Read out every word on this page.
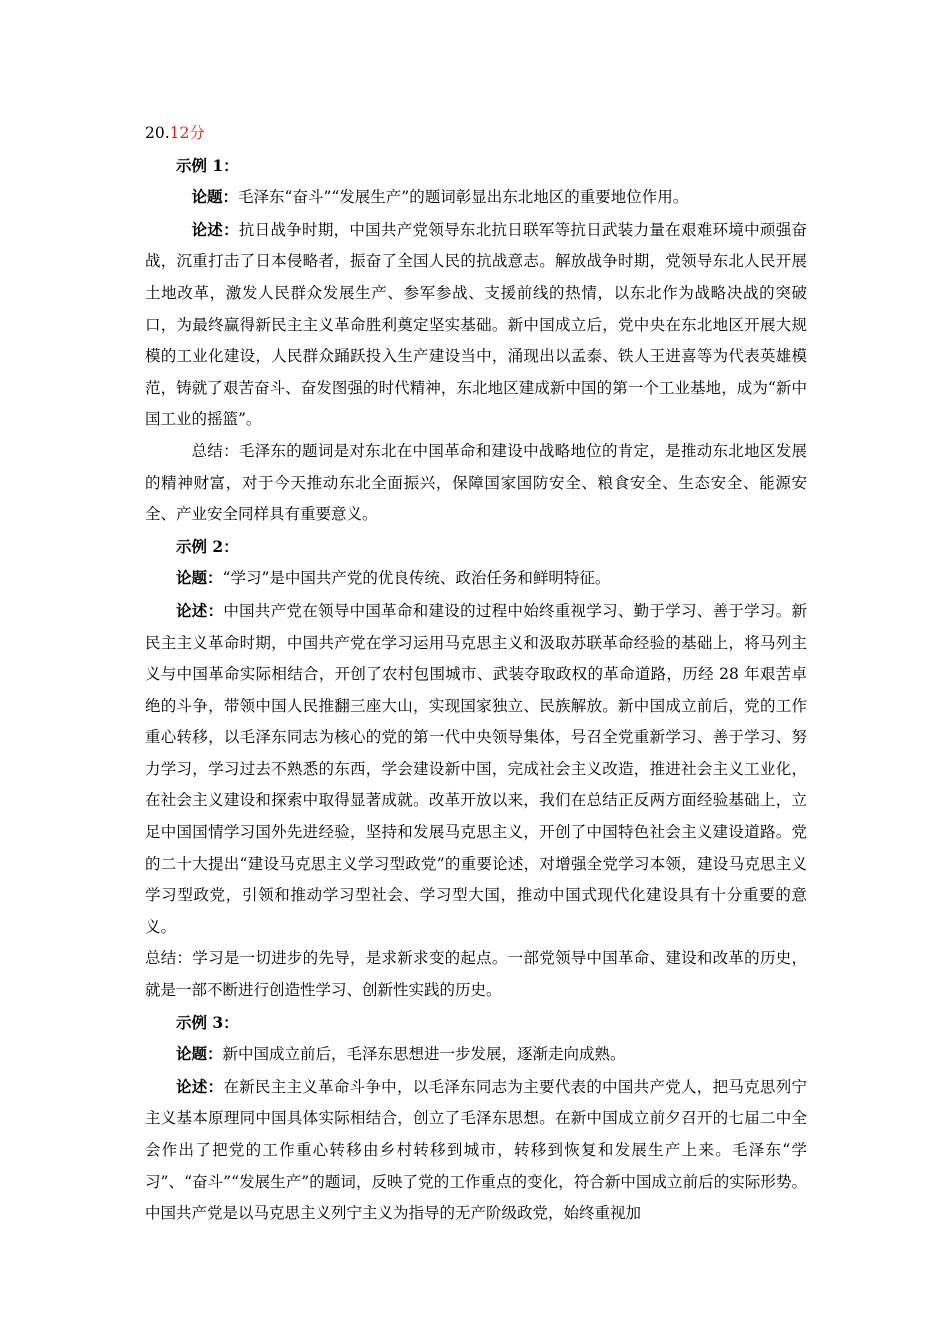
20.12分

示例 1：

论题：毛泽东“奋斗”“发展生产”的题词彰显出东北地区的重要地位作用。

论述：抗日战争时期，中国共产党领导东北抗日联军等抗日武装力量在艰难环境中顽强奋战，沉重打击了日本侵略者，振奋了全国人民的抗战意志。解放战争时期，党领导东北人民开展土地改革，激发人民群众发展生产、参军参战、支援前线的热情，以东北作为战略决战的突破口，为最终赢得新民主主义革命胜利奠定坚实基础。新中国成立后，党中央在东北地区开展大规模的工业化建设，人民群众踊跃投入生产建设当中，涌现出以孟泰、铁人王进喜等为代表英雄模范，铸就了艰苦奋斗、奋发图强的时代精神，东北地区建成新中国的第一个工业基地，成为“新中国工业的摇篮”。

总结：毛泽东的题词是对东北在中国革命和建设中战略地位的肯定，是推动东北地区发展的精神财富，对于今天推动东北全面振兴，保障国家国防安全、粮食安全、生态安全、能源安全、产业安全同样具有重要意义。

示例 2：

论题：“学习”是中国共产党的优良传统、政治任务和鲜明特征。

论述：中国共产党在领导中国革命和建设的过程中始终重视学习、勤于学习、善于学习。新民主主义革命时期，中国共产党在学习运用马克思主义和汲取苏联革命经验的基础上，将马列主义与中国革命实际相结合，开创了农村包围城市、武装夺取政权的革命道路，历经 28 年艰苦卓绝的斗争，带领中国人民推翻三座大山，实现国家独立、民族解放。新中国成立前后，党的工作重心转移，以毛泽东同志为核心的党的第一代中央领导集体，号召全党重新学习、善于学习、努力学习，学习过去不熟悉的东西，学会建设新中国，完成社会主义改造，推进社会主义工业化，在社会主义建设和探索中取得显著成就。改革开放以来，我们在总结正反两方面经验基础上，立足中国国情学习国外先进经验，坚持和发展马克思主义，开创了中国特色社会主义建设道路。党的二十大提出“建设马克思主义学习型政党”的重要论述，对增强全党学习本领，建设马克思主义学习型政党，引领和推动学习型社会、学习型大国，推动中国式现代化建设具有十分重要的意义。

总结：学习是一切进步的先导，是求新求变的起点。一部党领导中国革命、建设和改革的历史，就是一部不断进行创造性学习、创新性实践的历史。

示例 3：

论题：新中国成立前后，毛泽东思想进一步发展，逐渐走向成熟。

论述：在新民主主义革命斗争中，以毛泽东同志为主要代表的中国共产党人，把马克思列宁主义基本原理同中国具体实际相结合，创立了毛泽东思想。在新中国成立前夕召开的七届二中全会作出了把党的工作重心转移由乡村转移到城市，转移到恢复和发展生产上来。毛泽东“学习”、“奋斗”“发展生产”的题词，反映了党的工作重点的变化，符合新中国成立前后的实际形势。中国共产党是以马克思主义列宁主义为指导的无产阶级政党，始终重视加
